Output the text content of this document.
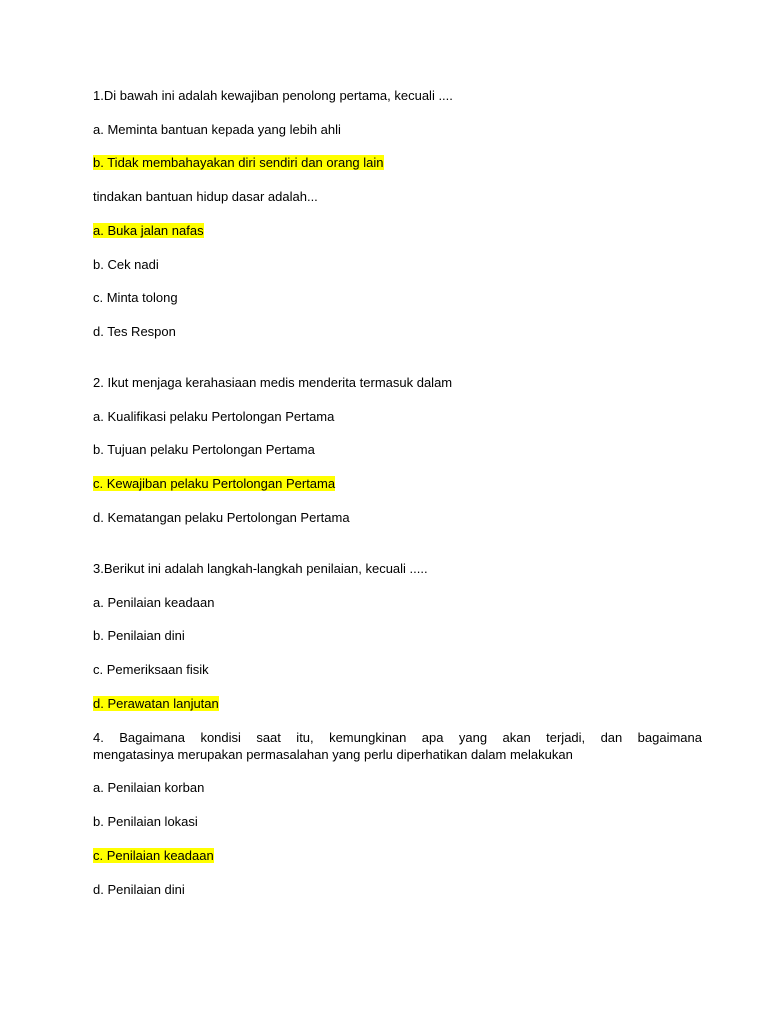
1.Di bawah ini adalah kewajiban penolong pertama, kecuali ....
a. Meminta bantuan kepada yang lebih ahli
b. Tidak membahayakan diri sendiri dan orang lain
tindakan bantuan hidup dasar adalah...
a. Buka jalan nafas
b. Cek nadi
c. Minta tolong
d. Tes Respon
2. Ikut menjaga kerahasiaan medis menderita termasuk dalam
a. Kualifikasi pelaku Pertolongan Pertama
b. Tujuan pelaku Pertolongan Pertama
c. Kewajiban pelaku Pertolongan Pertama
d. Kematangan pelaku Pertolongan Pertama
3.Berikut ini adalah langkah-langkah penilaian, kecuali .....
a. Penilaian keadaan
b. Penilaian dini
c. Pemeriksaan fisik
d. Perawatan lanjutan
4. Bagaimana kondisi saat itu, kemungkinan apa yang akan terjadi, dan bagaimana
mengatasinya merupakan permasalahan yang perlu diperhatikan dalam melakukan
a. Penilaian korban
b. Penilaian lokasi
c. Penilaian keadaan
d. Penilaian dini
